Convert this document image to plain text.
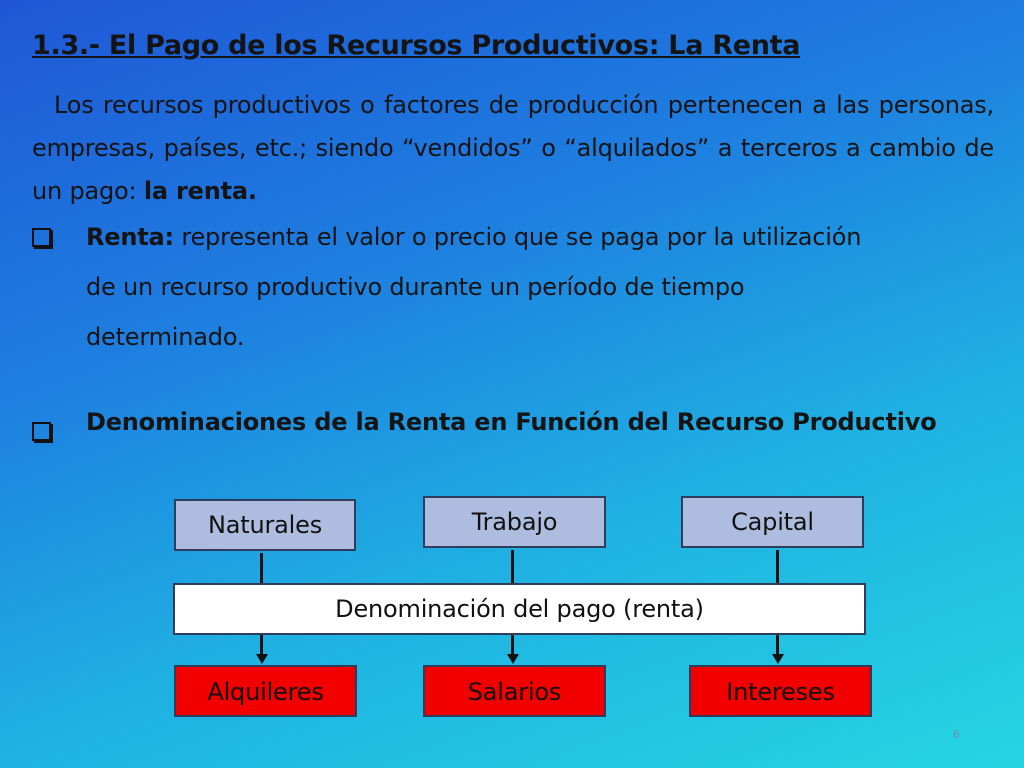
1.3.- El Pago de los Recursos Productivos: La Renta
Los recursos productivos o factores de producción pertenecen a las personas, empresas, países, etc.; siendo “vendidos” o “alquilados” a terceros a cambio de un pago: la renta.
Renta: representa el valor o precio que se paga por la utilización
de un recurso productivo durante un período de tiempo
determinado.
Denominaciones de la Renta en Función del Recurso Productivo
Naturales	Trabajo	Capital
Denominación del pago (renta)
Alquileres	Salarios	Intereses
6
